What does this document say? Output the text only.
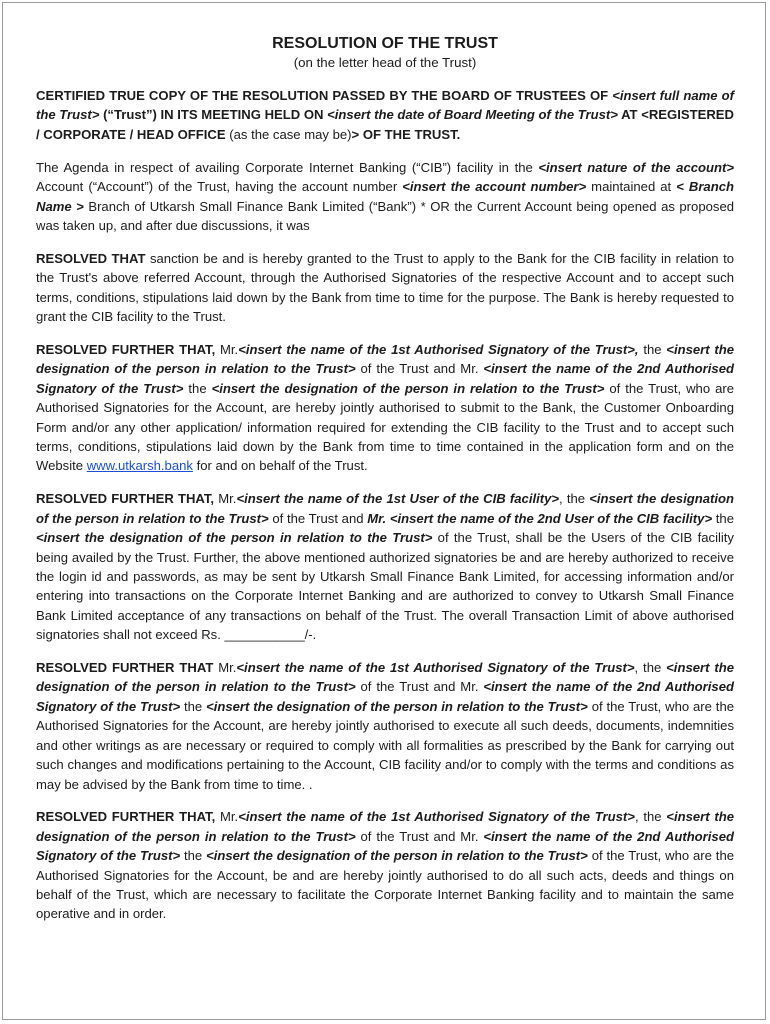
RESOLUTION OF THE TRUST

(on the letter head of the Trust)

CERTIFIED TRUE COPY OF THE RESOLUTION PASSED BY THE BOARD OF TRUSTEES OF <insert full name of the Trust> (“Trust”) IN ITS MEETING HELD ON <insert the date of Board Meeting of the Trust> AT <REGISTERED / CORPORATE / HEAD OFFICE (as the case may be)> OF THE TRUST.

The Agenda in respect of availing Corporate Internet Banking (“CIB”) facility in the <insert nature of the account> Account (“Account”) of the Trust, having the account number <insert the account number> maintained at < Branch Name > Branch of Utkarsh Small Finance Bank Limited (“Bank”) * OR the Current Account being opened as proposed was taken up, and after due discussions, it was

RESOLVED THAT sanction be and is hereby granted to the Trust to apply to the Bank for the CIB facility in relation to the Trust's above referred Account, through the Authorised Signatories of the respective Account and to accept such terms, conditions, stipulations laid down by the Bank from time to time for the purpose. The Bank is hereby requested to grant the CIB facility to the Trust.

RESOLVED FURTHER THAT, Mr.<insert the name of the 1st Authorised Signatory of the Trust>, the <insert the designation of the person in relation to the Trust> of the Trust and Mr. <insert the name of the 2nd Authorised Signatory of the Trust> the <insert the designation of the person in relation to the Trust> of the Trust, who are Authorised Signatories for the Account, are hereby jointly authorised to submit to the Bank, the Customer Onboarding Form and/or any other application/ information required for extending the CIB facility to the Trust and to accept such terms, conditions, stipulations laid down by the Bank from time to time contained in the application form and on the Website www.utkarsh.bank for and on behalf of the Trust.

RESOLVED FURTHER THAT, Mr.<insert the name of the 1st User of the CIB facility>, the <insert the designation of the person in relation to the Trust> of the Trust and Mr. <insert the name of the 2nd User of the CIB facility> the <insert the designation of the person in relation to the Trust> of the Trust, shall be the Users of the CIB facility being availed by the Trust. Further, the above mentioned authorized signatories be and are hereby authorized to receive the login id and passwords, as may be sent by Utkarsh Small Finance Bank Limited, for accessing information and/or entering into transactions on the Corporate Internet Banking and are authorized to convey to Utkarsh Small Finance Bank Limited acceptance of any transactions on behalf of the Trust. The overall Transaction Limit of above authorised signatories shall not exceed Rs. ___________/-.

RESOLVED FURTHER THAT Mr.<insert the name of the 1st Authorised Signatory of the Trust>, the <insert the designation of the person in relation to the Trust> of the Trust and Mr. <insert the name of the 2nd Authorised Signatory of the Trust> the <insert the designation of the person in relation to the Trust> of the Trust, who are the Authorised Signatories for the Account, are hereby jointly authorised to execute all such deeds, documents, indemnities and other writings as are necessary or required to comply with all formalities as prescribed by the Bank for carrying out such changes and modifications pertaining to the Account, CIB facility and/or to comply with the terms and conditions as may be advised by the Bank from time to time. .

RESOLVED FURTHER THAT, Mr.<insert the name of the 1st Authorised Signatory of the Trust>, the <insert the designation of the person in relation to the Trust> of the Trust and Mr. <insert the name of the 2nd Authorised Signatory of the Trust> the <insert the designation of the person in relation to the Trust> of the Trust, who are the Authorised Signatories for the Account, be and are hereby jointly authorised to do all such acts, deeds and things on behalf of the Trust, which are necessary to facilitate the Corporate Internet Banking facility and to maintain the same operative and in order.
